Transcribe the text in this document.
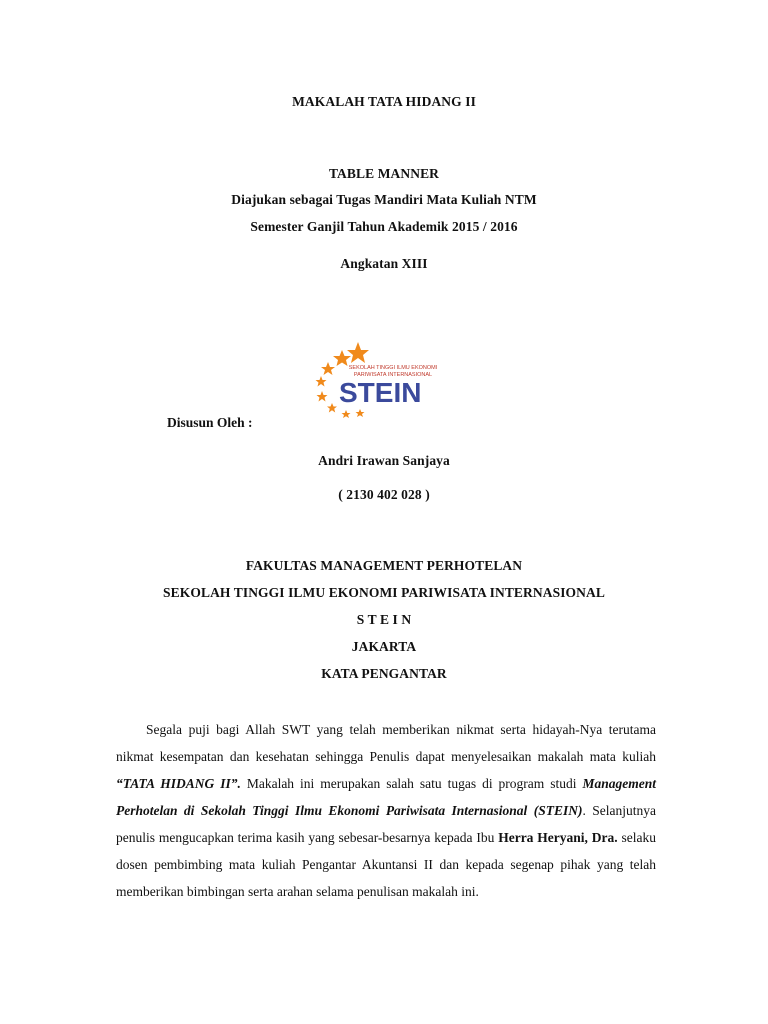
MAKALAH TATA HIDANG II
TABLE MANNER
Diajukan sebagai Tugas Mandiri Mata Kuliah NTM
Semester Ganjil Tahun Akademik 2015 / 2016
Angkatan XIII
SEKOLAH TINGGI ILMU EKONOMI
PARIWISATA INTERNASIONAL
STEIN
Disusun Oleh :
Andri Irawan Sanjaya
( 2130 402 028 )
FAKULTAS MANAGEMENT PERHOTELAN
SEKOLAH TINGGI ILMU EKONOMI PARIWISATA INTERNASIONAL
S T E I N
JAKARTA
KATA PENGANTAR

Segala puji bagi Allah SWT yang telah memberikan nikmat serta hidayah-Nya terutama nikmat kesempatan dan kesehatan sehingga Penulis dapat menyelesaikan makalah mata kuliah “TATA HIDANG II”. Makalah ini merupakan salah satu tugas di program studi Management Perhotelan di Sekolah Tinggi Ilmu Ekonomi Pariwisata Internasional (STEIN). Selanjutnya penulis mengucapkan terima kasih yang sebesar-besarnya kepada Ibu Herra Heryani, Dra. selaku dosen pembimbing mata kuliah Pengantar Akuntansi II dan kepada segenap pihak yang telah memberikan bimbingan serta arahan selama penulisan makalah ini.
